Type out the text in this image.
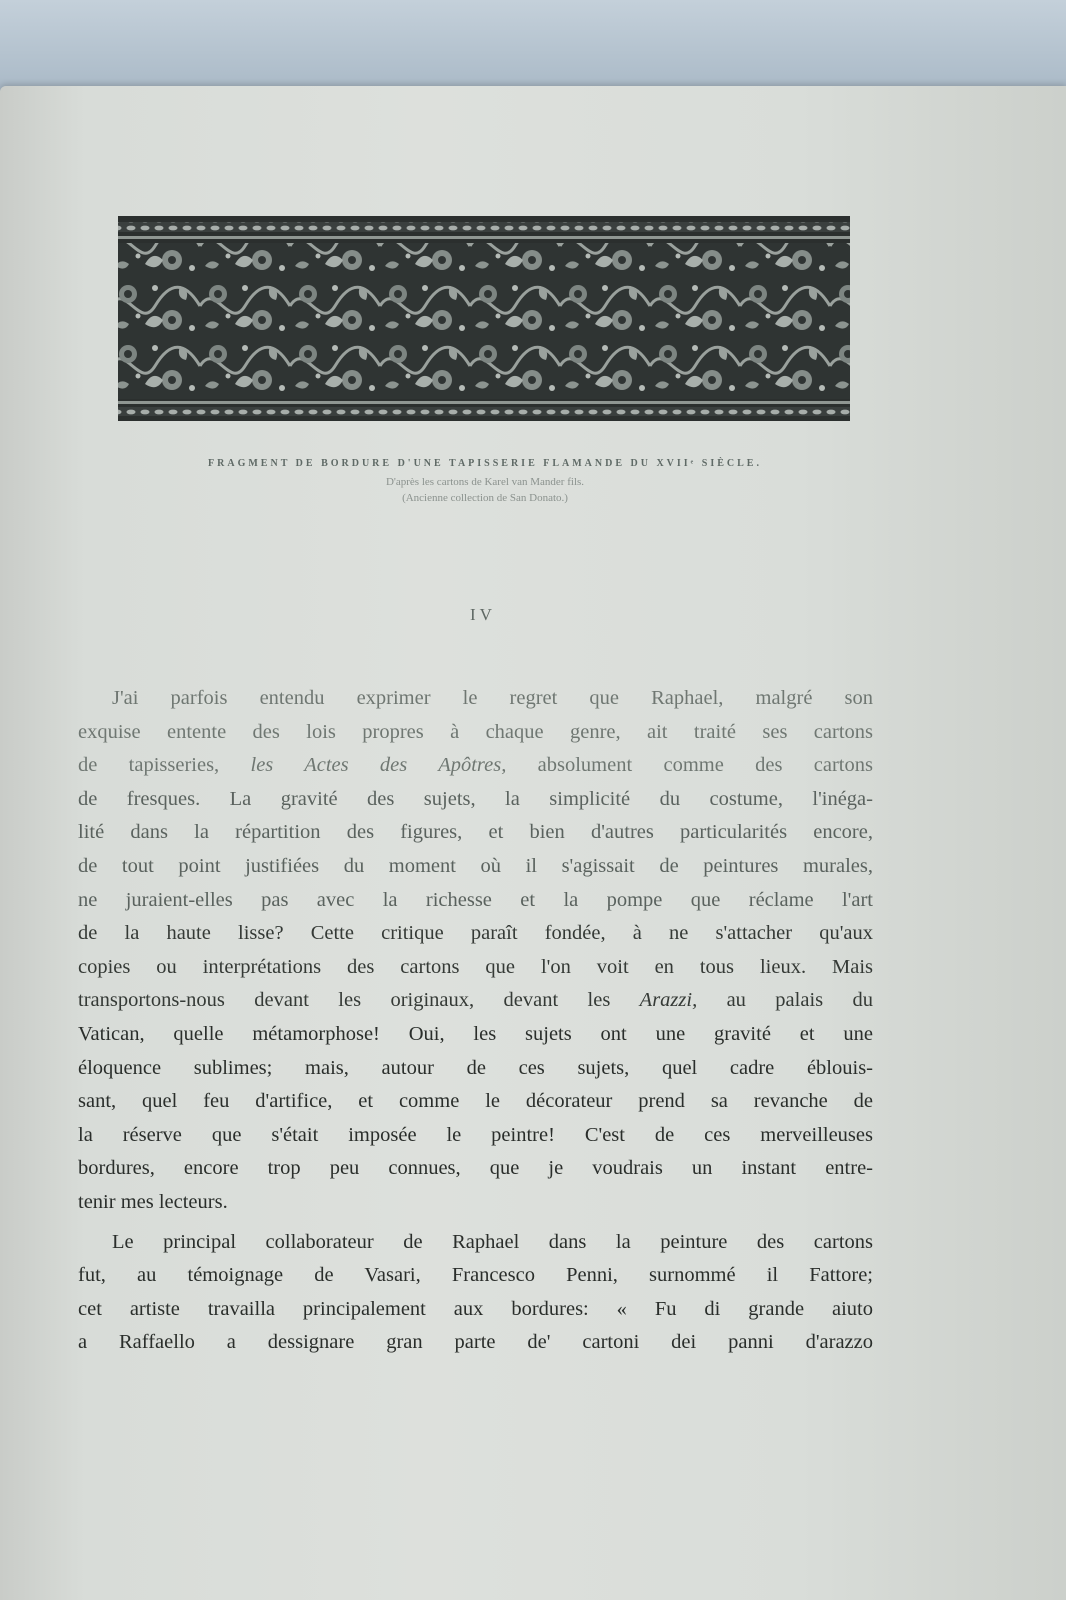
FRAGMENT DE BORDURE D'UNE TAPISSERIE FLAMANDE DU XVIIᵉ SIÈCLE.
D'après les cartons de Karel van Mander fils.
(Ancienne collection de San Donato.)
IV
J'ai parfois entendu exprimer le regret que Raphael, malgré son
exquise entente des lois propres à chaque genre, ait traité ses cartons
de tapisseries, les Actes des Apôtres, absolument comme des cartons
de fresques. La gravité des sujets, la simplicité du costume, l'inéga-
lité dans la répartition des figures, et bien d'autres particularités encore,
de tout point justifiées du moment où il s'agissait de peintures murales,
ne juraient-elles pas avec la richesse et la pompe que réclame l'art
de la haute lisse? Cette critique paraît fondée, à ne s'attacher qu'aux
copies ou interprétations des cartons que l'on voit en tous lieux. Mais
transportons-nous devant les originaux, devant les Arazzi, au palais du
Vatican, quelle métamorphose! Oui, les sujets ont une gravité et une
éloquence sublimes; mais, autour de ces sujets, quel cadre éblouis-
sant, quel feu d'artifice, et comme le décorateur prend sa revanche de
la réserve que s'était imposée le peintre! C'est de ces merveilleuses
bordures, encore trop peu connues, que je voudrais un instant entre-
tenir mes lecteurs.
Le principal collaborateur de Raphael dans la peinture des cartons
fut, au témoignage de Vasari, Francesco Penni, surnommé il Fattore;
cet artiste travailla principalement aux bordures: « Fu di grande aiuto
a Raffaello a dessignare gran parte de' cartoni dei panni d'arazzo
